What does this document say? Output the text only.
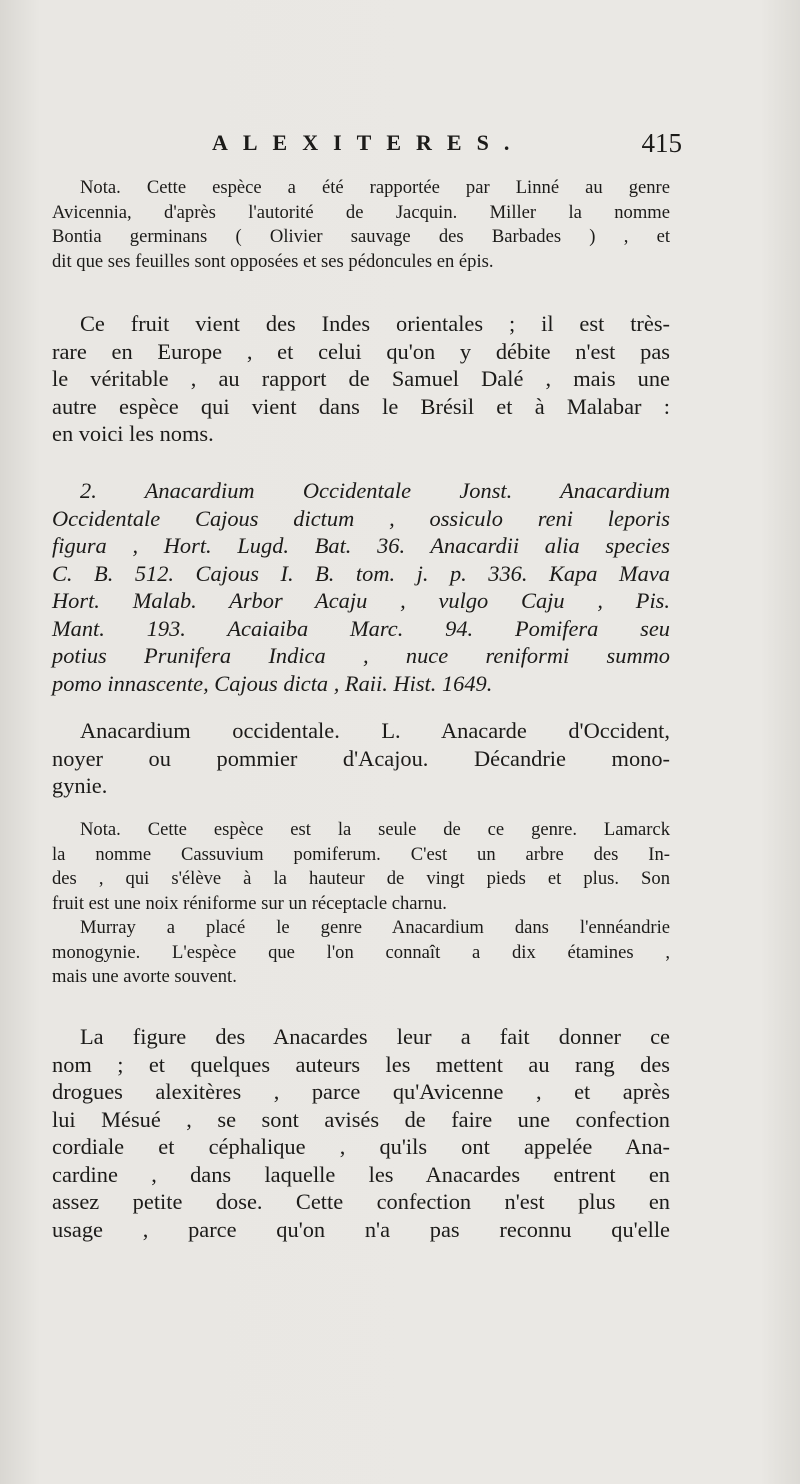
ALEXITERES.	415
Nota. Cette espèce a été rapportée par Linné au genre
Avicennia, d'après l'autorité de Jacquin. Miller la nomme
Bontia germinans ( Olivier sauvage des Barbades ) , et
dit que ses feuilles sont opposées et ses pédoncules en épis.
Ce fruit vient des Indes orientales ; il est très-
rare en Europe , et celui qu'on y débite n'est pas
le véritable , au rapport de Samuel Dalé , mais une
autre espèce qui vient dans le Brésil et à Malabar :
en voici les noms.
2. Anacardium Occidentale Jonst. Anacardium
Occidentale Cajous dictum , ossiculo reni leporis
figura , Hort. Lugd. Bat. 36. Anacardii alia species
C. B. 512. Cajous I. B. tom. j. p. 336. Kapa Mava
Hort. Malab. Arbor Acaju , vulgo Caju , Pis.
Mant. 193. Acaiaiba Marc. 94. Pomifera seu
potius Prunifera Indica , nuce reniformi summo
pomo innascente, Cajous dicta , Raii. Hist. 1649.
Anacardium occidentale. L. Anacarde d'Occident,
noyer ou pommier d'Acajou. Décandrie mono-
gynie.
Nota. Cette espèce est la seule de ce genre. Lamarck
la nomme Cassuvium pomiferum. C'est un arbre des In-
des , qui s'élève à la hauteur de vingt pieds et plus. Son
fruit est une noix réniforme sur un réceptacle charnu.
Murray a placé le genre Anacardium dans l'ennéandrie
monogynie. L'espèce que l'on connaît a dix étamines ,
mais une avorte souvent.
La figure des Anacardes leur a fait donner ce
nom ; et quelques auteurs les mettent au rang des
drogues alexitères , parce qu'Avicenne , et après
lui Mésué , se sont avisés de faire une confection
cordiale et céphalique , qu'ils ont appelée Ana-
cardine , dans laquelle les Anacardes entrent en
assez petite dose. Cette confection n'est plus en
usage , parce qu'on n'a pas reconnu qu'elle
